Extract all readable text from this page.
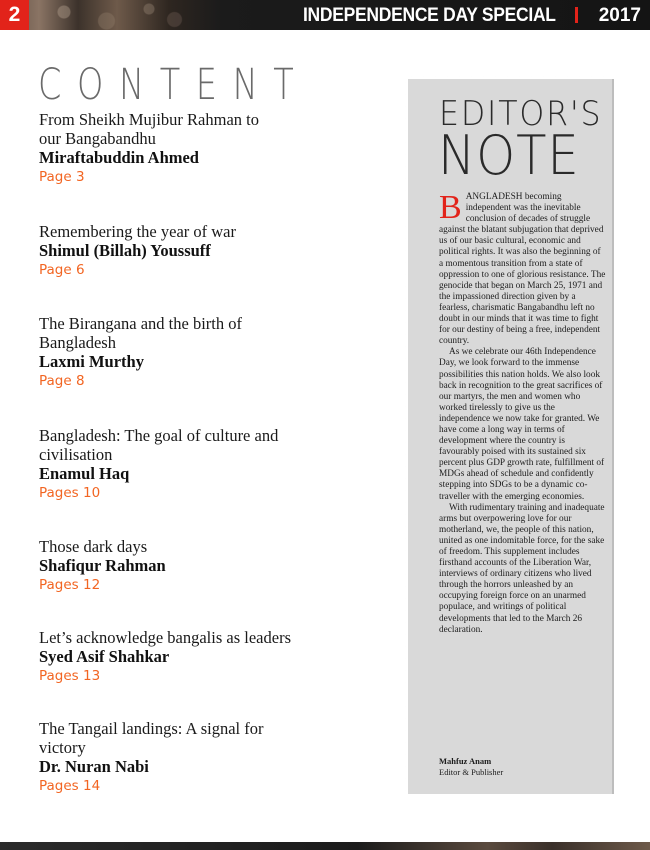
2	INDEPENDENCE DAY SPECIAL 2017
CONTENT
From Sheikh Mujibur Rahman to our Bangabandhu
Miraftabuddin Ahmed
Page 3
Remembering the year of war
Shimul (Billah) Youssuff
Page 6
The Birangana and the birth of Bangladesh
Laxmi Murthy
Page 8
Bangladesh: The goal of culture and civilisation
Enamul Haq
Pages 10
Those dark days
Shafiqur Rahman
Pages 12
Let’s acknowledge bangalis as leaders
Syed Asif Shahkar
Pages 13
The Tangail landings: A signal for victory
Dr. Nuran Nabi
Pages 14
EDITOR'S
NOTE

BANGLADESH becoming independent was the inevitable conclusion of decades of struggle against the blatant subjugation that deprived us of our basic cultural, economic and political rights. It was also the beginning of a momentous transition from a state of oppression to one of glorious resistance. The genocide that began on March 25, 1971 and the impassioned direction given by a fearless, charismatic Bangabandhu left no doubt in our minds that it was time to fight for our destiny of being a free, independent country.

As we celebrate our 46th Independence Day, we look forward to the immense possibilities this nation holds. We also look back in recognition to the great sacrifices of our martyrs, the men and women who worked tirelessly to give us the independence we now take for granted. We have come a long way in terms of development where the country is favourably poised with its sustained six percent plus GDP growth rate, fulfillment of MDGs ahead of schedule and confidently stepping into SDGs to be a dynamic co-traveller with the emerging economies.

With rudimentary training and inadequate arms but overpowering love for our motherland, we, the people of this nation, united as one indomitable force, for the sake of freedom. This supplement includes firsthand accounts of the Liberation War, interviews of ordinary citizens who lived through the horrors unleashed by an occupying foreign force on an unarmed populace, and writings of political developments that led to the March 26 declaration.

Mahfuz Anam
Editor & Publisher
